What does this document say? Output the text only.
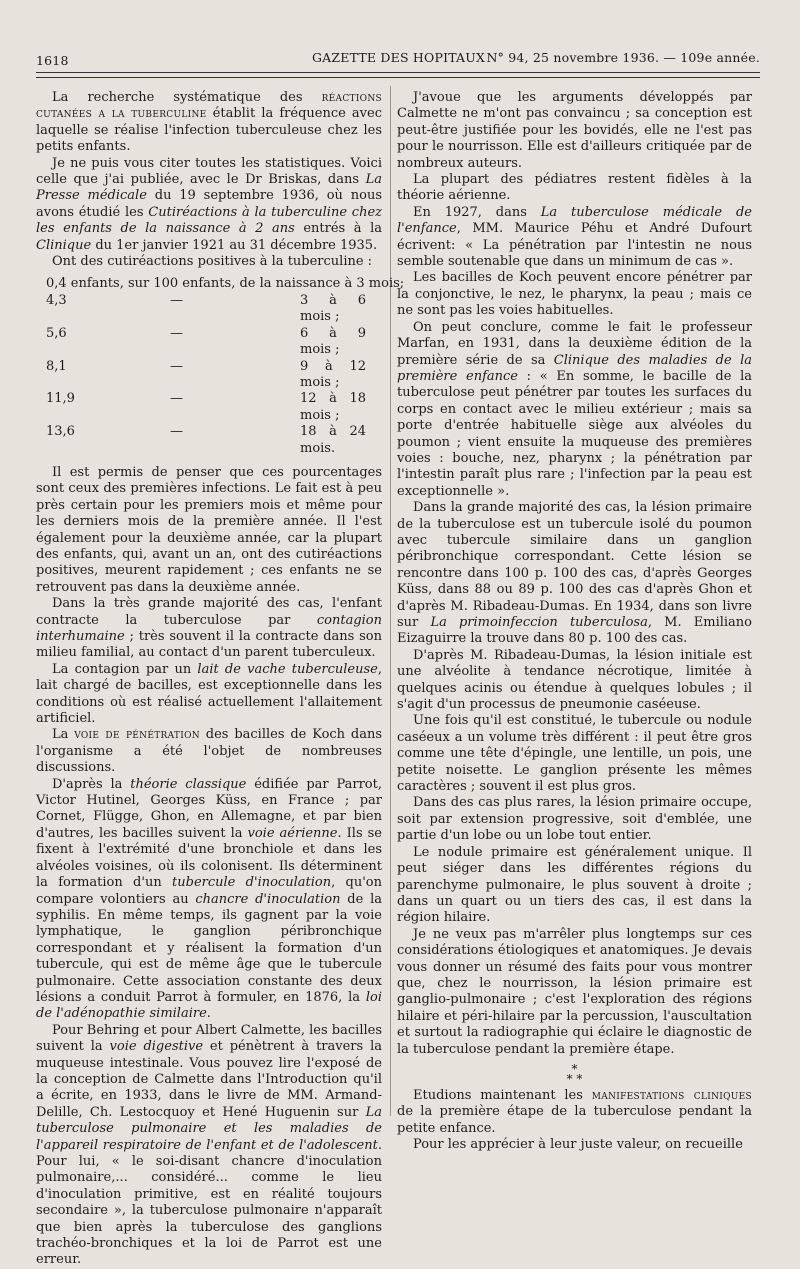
1618	GAZETTE DES HOPITAUX N° 94, 25 novembre 1936. — 109e année.

La recherche systématique des réactions cutanées a la tuberculine établit la fréquence avec laquelle se réalise l'infection tuberculeuse chez les petits enfants.

Je ne puis vous citer toutes les statistiques. Voici celle que j'ai publiée, avec le Dr Briskas, dans La Presse médicale du 19 septembre 1936, où nous avons étudié les Cutiréactions à la tuberculine chez les enfants de la naissance à 2 ans entrés à la Clinique du 1er janvier 1921 au 31 décembre 1935.

Ont des cutiréactions positives à la tuberculine :

0,4 enfants, sur 100 enfants, de la naissance à 3 mois;
4,3	—	3 à 6 mois ;
5,6	—	6 à 9 mois ;
8,1	—	9 à 12 mois ;
11,9	—	12 à 18 mois ;
13,6	—	18 à 24 mois.

Il est permis de penser que ces pourcentages sont ceux des premières infections. Le fait est à peu près certain pour les premiers mois et même pour les derniers mois de la première année. Il l'est également pour la deuxième année, car la plupart des enfants, qui, avant un an, ont des cutiréactions positives, meurent rapidement ; ces enfants ne se retrouvent pas dans la deuxième année.

Dans la très grande majorité des cas, l'enfant contracte la tuberculose par contagion interhumaine ; très souvent il la contracte dans son milieu familial, au contact d'un parent tuberculeux.

La contagion par un lait de vache tuberculeuse, lait chargé de bacilles, est exceptionnelle dans les conditions où est réalisé actuellement l'allaitement artificiel.

La voie de pénétration des bacilles de Koch dans l'organisme a été l'objet de nombreuses discussions.

D'après la théorie classique édifiée par Parrot, Victor Hutinel, Georges Küss, en France ; par Cornet, Flügge, Ghon, en Allemagne, et par bien d'autres, les bacilles suivent la voie aérienne. Ils se fixent à l'extrémité d'une bronchiole et dans les alvéoles voisines, où ils colonisent. Ils déterminent la formation d'un tubercule d'inoculation, qu'on compare volontiers au chancre d'inoculation de la syphilis. En même temps, ils gagnent par la voie lymphatique, le ganglion péribronchique correspondant et y réalisent la formation d'un tubercule, qui est de même âge que le tubercule pulmonaire. Cette association constante des deux lésions a conduit Parrot à formuler, en 1876, la loi de l'adénopathie similaire.

Pour Behring et pour Albert Calmette, les bacilles suivent la voie digestive et pénètrent à travers la muqueuse intestinale. Vous pouvez lire l'exposé de la conception de Calmette dans l'Introduction qu'il a écrite, en 1933, dans le livre de MM. Armand-Delille, Ch. Lestocquoy et Hené Huguenin sur La tuberculose pulmonaire et les maladies de l'appareil respiratoire de l'enfant et de l'adolescent. Pour lui, « le soi-disant chancre d'inoculation pulmonaire,... considéré... comme le lieu d'inoculation primitive, est en réalité toujours secondaire », la tuberculose pulmonaire n'apparaît que bien après la tuberculose des ganglions trachéo-bronchiques et la loi de Parrot est une erreur.

J'avoue que les arguments développés par Calmette ne m'ont pas convaincu ; sa conception est peut-être justifiée pour les bovidés, elle ne l'est pas pour le nourrisson. Elle est d'ailleurs critiquée par de nombreux auteurs.

La plupart des pédiatres restent fidèles à la théorie aérienne.

En 1927, dans La tuberculose médicale de l'enfance, MM. Maurice Péhu et André Dufourt écrivent: « La pénétration par l'intestin ne nous semble soutenable que dans un minimum de cas ».

Les bacilles de Koch peuvent encore pénétrer par la conjonctive, le nez, le pharynx, la peau ; mais ce ne sont pas les voies habituelles.

On peut conclure, comme le fait le professeur Marfan, en 1931, dans la deuxième édition de la première série de sa Clinique des maladies de la première enfance : « En somme, le bacille de la tuberculose peut pénétrer par toutes les surfaces du corps en contact avec le milieu extérieur ; mais sa porte d'entrée habituelle siège aux alvéoles du poumon ; vient ensuite la muqueuse des premières voies : bouche, nez, pharynx ; la pénétration par l'intestin paraît plus rare ; l'infection par la peau est exceptionnelle ».

Dans la grande majorité des cas, la lésion primaire de la tuberculose est un tubercule isolé du poumon avec tubercule similaire dans un ganglion péribronchique correspondant. Cette lésion se rencontre dans 100 p. 100 des cas, d'après Georges Küss, dans 88 ou 89 p. 100 des cas d'après Ghon et d'après M. Ribadeau-Dumas. En 1934, dans son livre sur La primoinfeccion tuberculosa, M. Emiliano Eizaguirre la trouve dans 80 p. 100 des cas.

D'après M. Ribadeau-Dumas, la lésion initiale est une alvéolite à tendance nécrotique, limitée à quelques acinis ou étendue à quelques lobules ; il s'agit d'un processus de pneumonie caséeuse.

Une fois qu'il est constitué, le tubercule ou nodule caséeux a un volume très différent : il peut être gros comme une tête d'épingle, une lentille, un pois, une petite noisette. Le ganglion présente les mêmes caractères ; souvent il est plus gros.

Dans des cas plus rares, la lésion primaire occupe, soit par extension progressive, soit d'emblée, une partie d'un lobe ou un lobe tout entier.

Le nodule primaire est généralement unique. Il peut siéger dans les différentes régions du parenchyme pulmonaire, le plus souvent à droite ; dans un quart ou un tiers des cas, il est dans la région hilaire.

Je ne veux pas m'arrêler plus longtemps sur ces considérations étiologiques et anatomiques. Je devais vous donner un résumé des faits pour vous montrer que, chez le nourrisson, la lésion primaire est ganglio-pulmonaire ; c'est l'exploration des régions hilaire et péri-hilaire par la percussion, l'auscultation et surtout la radiographie qui éclaire le diagnostic de la tuberculose pendant la première étape.

*
* *

Etudions maintenant les manifestations cliniques de la première étape de la tuberculose pendant la petite enfance.

Pour les apprécier à leur juste valeur, on recueille
